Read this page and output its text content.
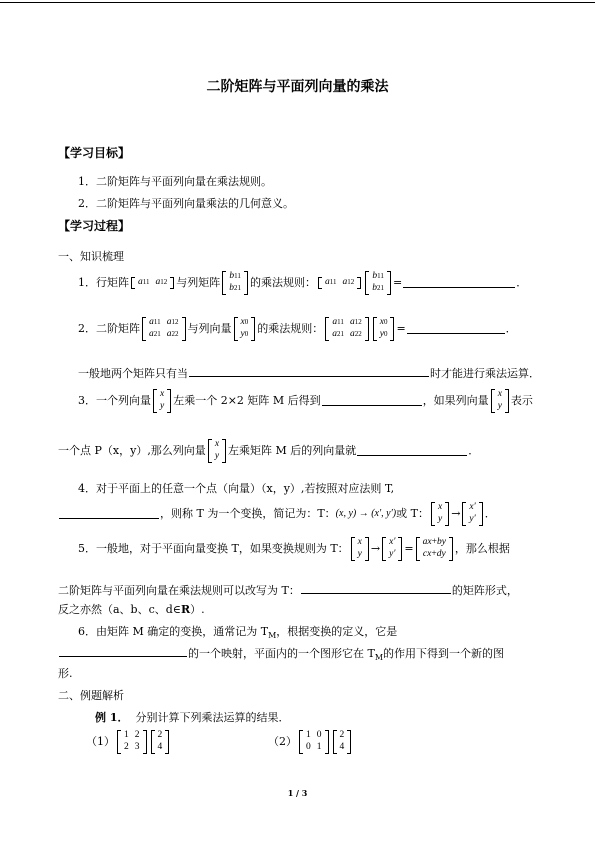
二阶矩阵与平面列向量的乘法
【学习目标】
1．二阶矩阵与平面列向量在乘法规则。
2．二阶矩阵与平面列向量乘法的几何意义。
【学习过程】
一、知识梳理
1．行矩阵 a11	a12 与列矩阵
b11
b21 的乘法规则： a11	a12
b11
b21 =	．
2．二阶矩阵
a11	a12
a21	a22 与列向量
x0
y0 的乘法规则：
a11	a12
a21	a22
x0
y0 =	．
一般地两个矩阵只有当	时才能进行乘法运算．
3．一个列向量
x
y 左乘一个 2×2 矩阵 M 后得到	，如果列向量
x
y 表示
一个点 P（x，y）,那么列向量
x
y 左乘矩阵 M 后的列向量就	．
4．对于平面上的任意一个点（向量）（x，y）,若按照对应法则 T,
，则称 T 为一个变换，简记为：T： (x, y) → (x′, y′) 或 T：
x
y →
x′
y′ ．
5．一般地，对于平面向量变换 T，如果变换规则为 T：
x
y →
x′
y′ =
ax+by
cx+dy ，那么根据
二阶矩阵与平面列向量在乘法规则可以改写为 T：	的矩阵形式，
反之亦然（a、b、c、d∈R）.
6．由矩阵 M 确定的变换，通常记为 $T_M$，根据变换的定义，它是
的一个映射，平面内的一个图形它在 $T_M$的作用下得到一个新的图
形.
二、例题解析
例 1． 分别计算下列乘法运算的结果．
（1）
1	2
2	3
2
4	（2）
1	0
0	1
2
4
1 / 3
